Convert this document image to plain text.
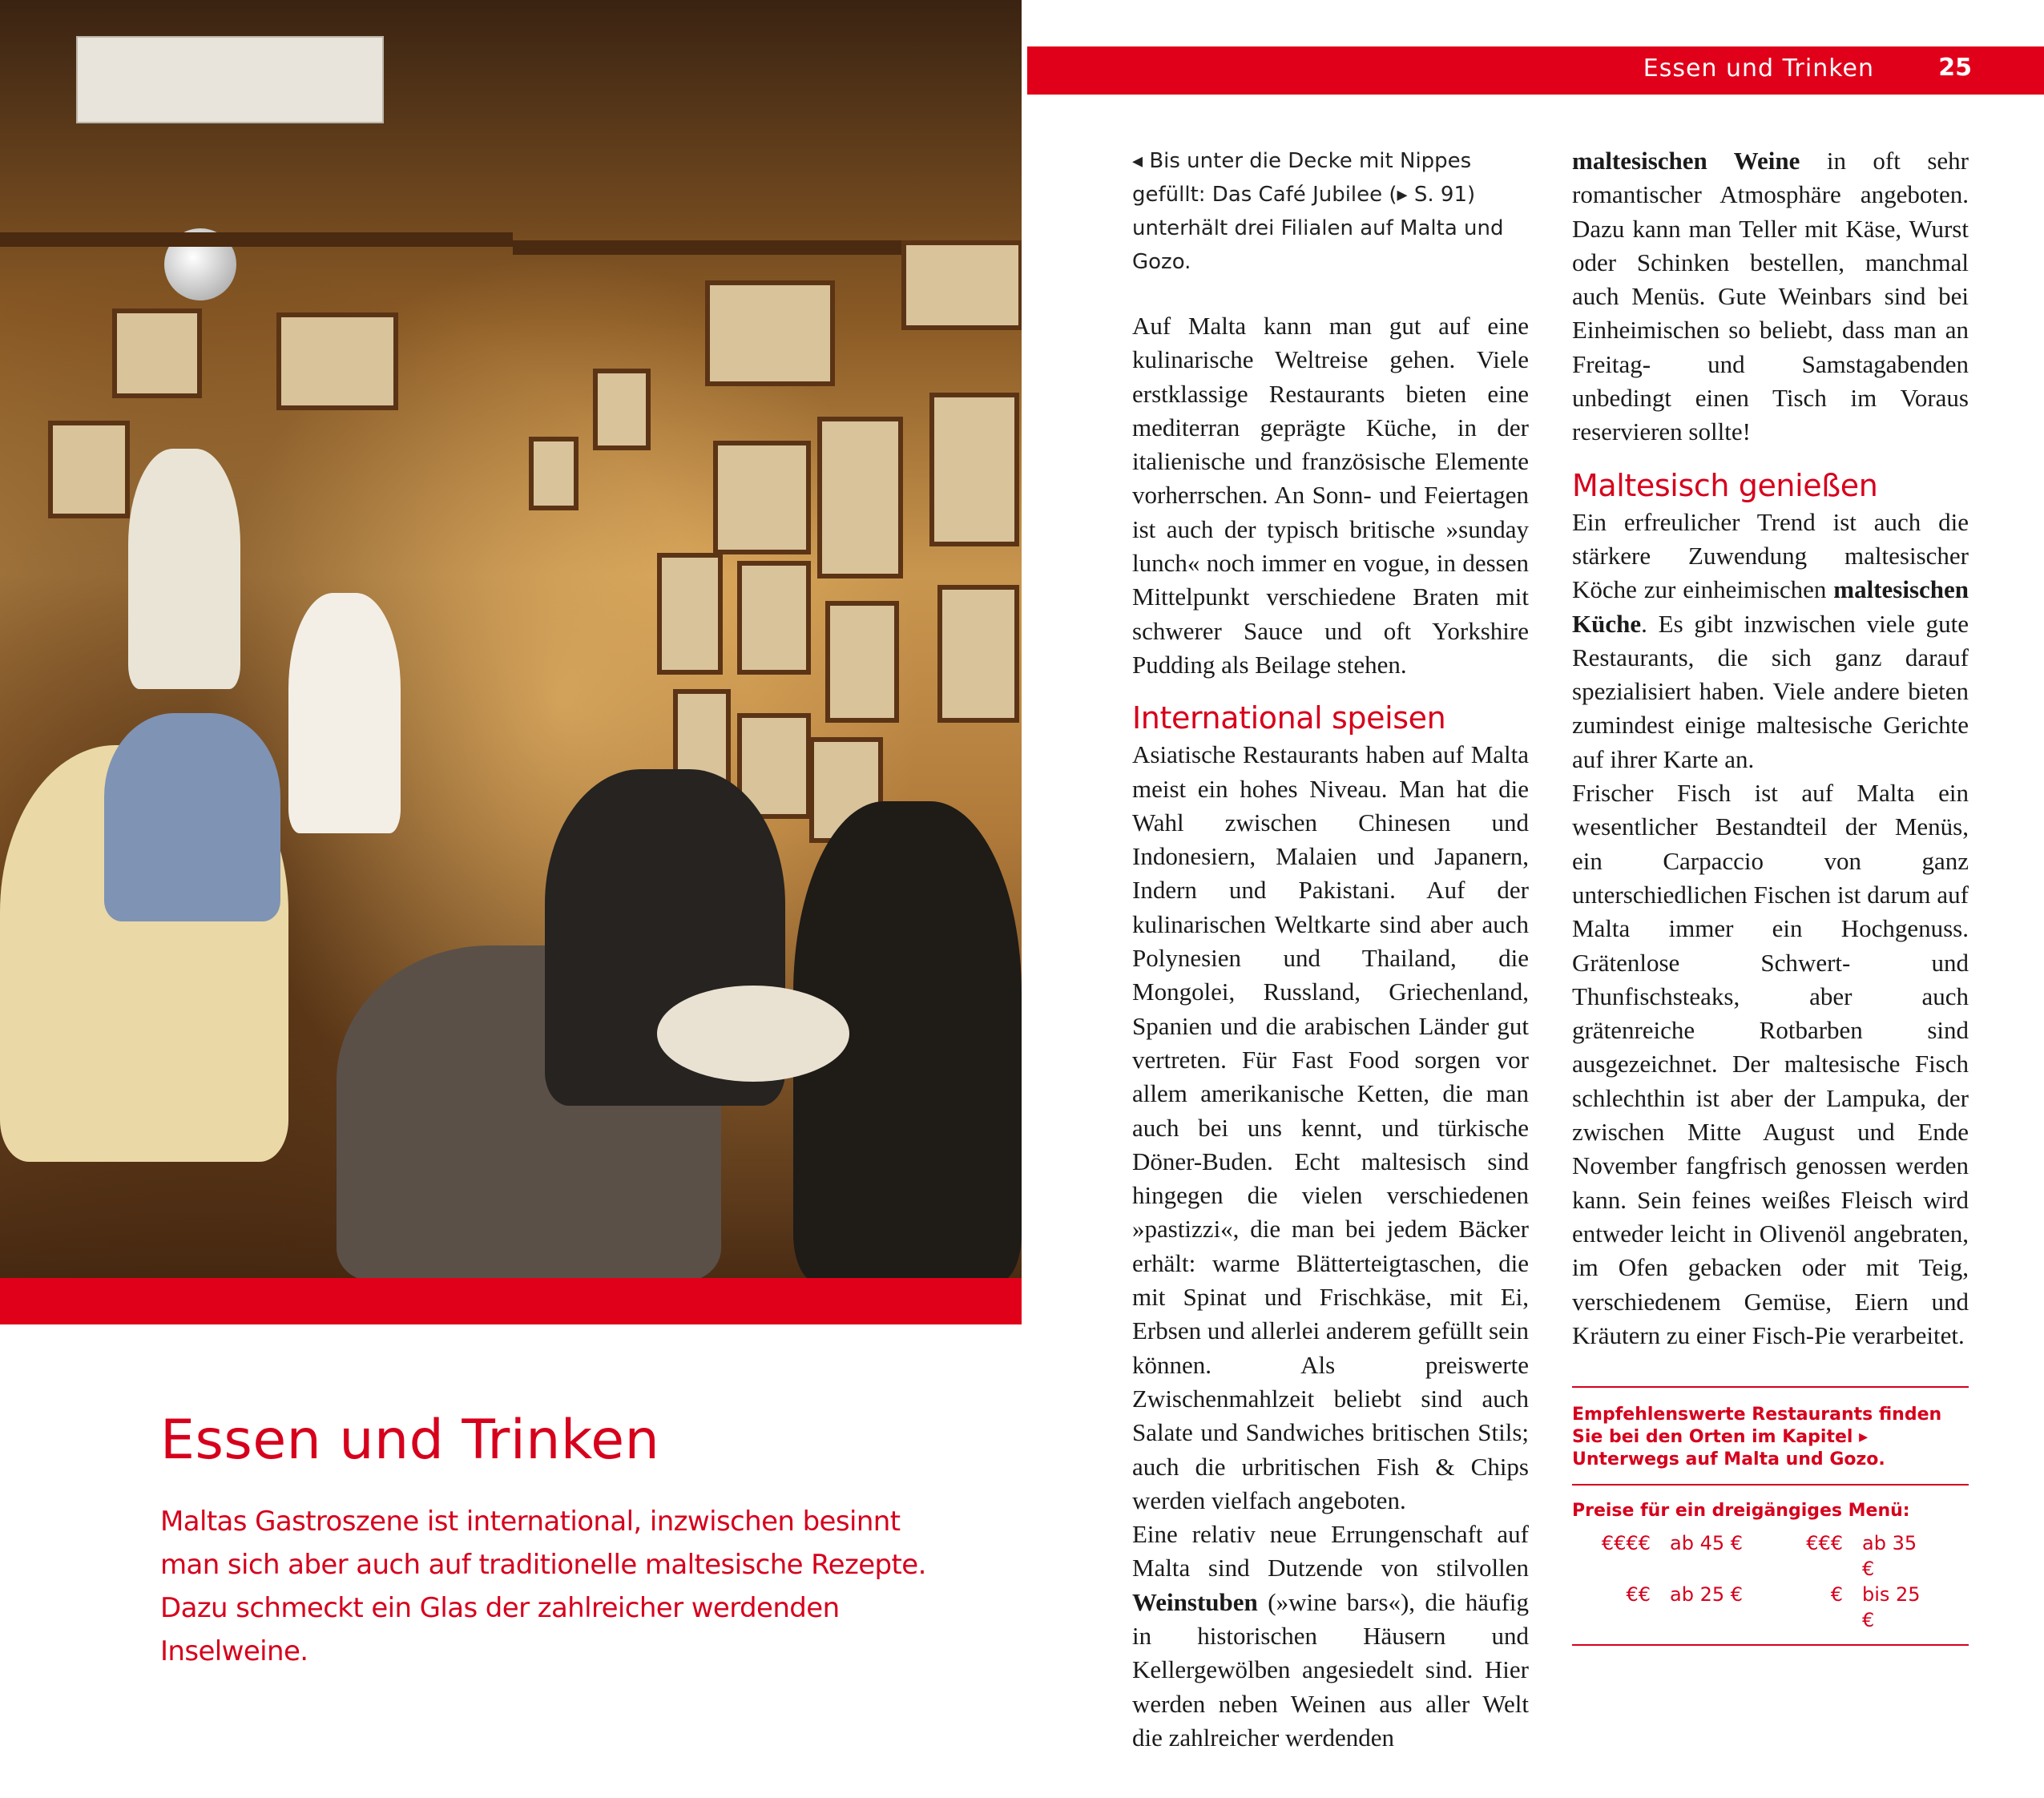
Essen und Trinken

Maltas Gastroszene ist international, inzwischen besinnt man sich aber auch auf traditionelle maltesische Rezepte. Dazu schmeckt ein Glas der zahlreicher werdenden Inselweine.

Essen und Trinken	25

◂ Bis unter die Decke mit Nippes gefüllt: Das Café Jubilee (▸ S. 91) unterhält drei Filialen auf Malta und Gozo.

Auf Malta kann man gut auf eine kulinarische Weltreise gehen. Viele erstklassige Restaurants bieten eine mediterran geprägte Küche, in der italienische und französische Elemente vorherrschen. An Sonn- und Feiertagen ist auch der typisch britische »sunday lunch« noch immer en vogue, in dessen Mittelpunkt verschiedene Braten mit schwerer Sauce und oft Yorkshire Pudding als Beilage stehen.

International speisen

Asiatische Restaurants haben auf Malta meist ein hohes Niveau. Man hat die Wahl zwischen Chinesen und Indonesiern, Malaien und Japanern, Indern und Pakistani. Auf der kulinarischen Weltkarte sind aber auch Polynesien und Thailand, die Mongolei, Russland, Griechenland, Spanien und die arabischen Länder gut vertreten. Für Fast Food sorgen vor allem amerikanische Ketten, die man auch bei uns kennt, und türkische Döner-Buden. Echt maltesisch sind hingegen die vielen verschiedenen »pastizzi«, die man bei jedem Bäcker erhält: warme Blätterteigtaschen, die mit Spinat und Frischkäse, mit Ei, Erbsen und allerlei anderem gefüllt sein können. Als preiswerte Zwischenmahlzeit beliebt sind auch Salate und Sandwiches britischen Stils; auch die urbritischen Fish & Chips werden vielfach angeboten.

Eine relativ neue Errungenschaft auf Malta sind Dutzende von stilvollen Weinstuben (»wine bars«), die häufig in historischen Häusern und Kellergewölben angesiedelt sind. Hier werden neben Weinen aus aller Welt die zahlreicher werdenden

maltesischen Weine in oft sehr romantischer Atmosphäre angeboten. Dazu kann man Teller mit Käse, Wurst oder Schinken bestellen, manchmal auch Menüs. Gute Weinbars sind bei Einheimischen so beliebt, dass man an Freitag- und Samstagabenden unbedingt einen Tisch im Voraus reservieren sollte!

Maltesisch genießen

Ein erfreulicher Trend ist auch die stärkere Zuwendung maltesischer Köche zur einheimischen maltesischen Küche. Es gibt inzwischen viele gute Restaurants, die sich ganz darauf spezialisiert haben. Viele andere bieten zumindest einige maltesische Gerichte auf ihrer Karte an.

Frischer Fisch ist auf Malta ein wesentlicher Bestandteil der Menüs, ein Carpaccio von ganz unterschiedlichen Fischen ist darum auf Malta immer ein Hochgenuss. Grätenlose Schwert- und Thunfischsteaks, aber auch grätenreiche Rotbarben sind ausgezeichnet. Der maltesische Fisch schlechthin ist aber der Lampuka, der zwischen Mitte August und Ende November fangfrisch genossen werden kann. Sein feines weißes Fleisch wird entweder leicht in Olivenöl angebraten, im Ofen gebacken oder mit Teig, verschiedenem Gemüse, Eiern und Kräutern zu einer Fisch-Pie verarbeitet.

Empfehlenswerte Restaurants finden Sie bei den Orten im Kapitel ▸ Unterwegs auf Malta und Gozo.
Preise für ein dreigängiges Menü:
€€€€	ab 45 €	€€€	ab 35 €
€€	ab 25 €	€	bis 25 €
